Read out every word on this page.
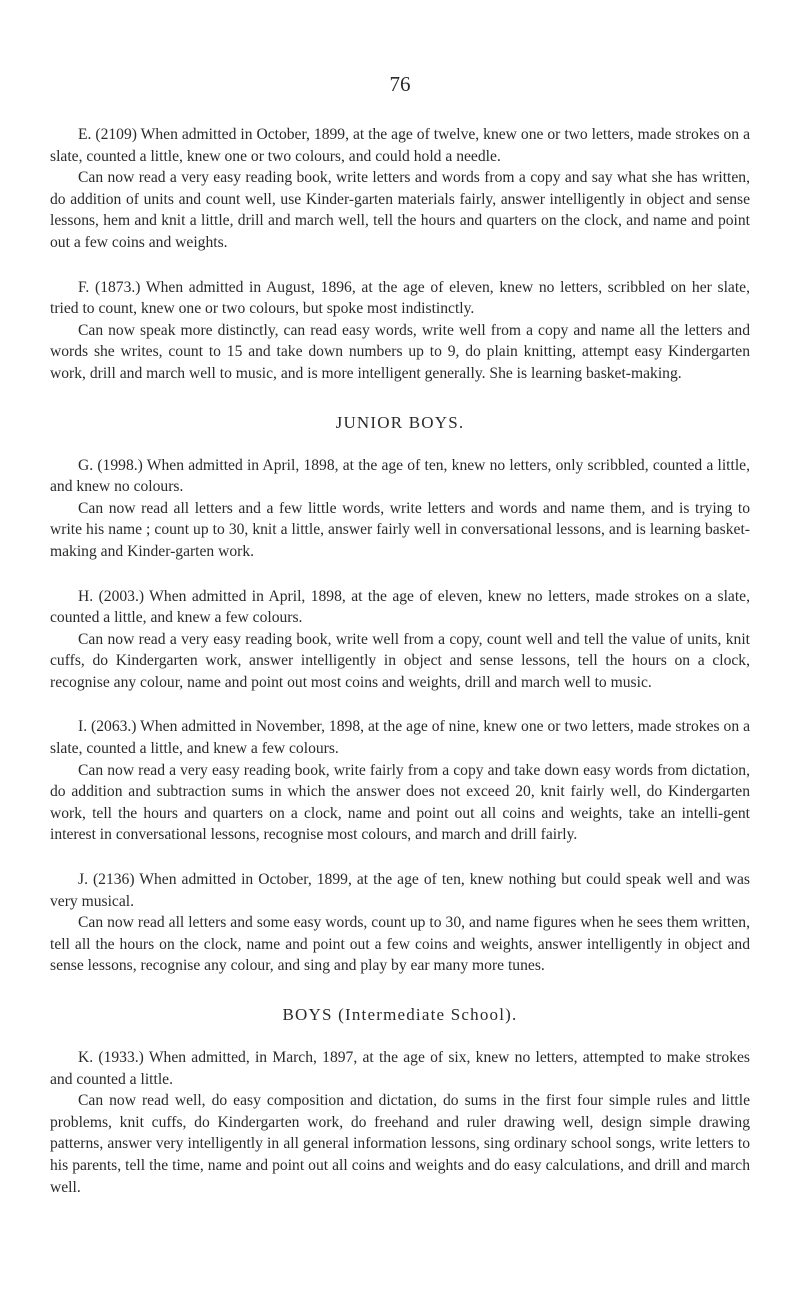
76

E. (2109) When admitted in October, 1899, at the age of twelve, knew one or two letters, made strokes on a slate, counted a little, knew one or two colours, and could hold a needle.

Can now read a very easy reading book, write letters and words from a copy and say what she has written, do addition of units and count well, use Kinder-garten materials fairly, answer intelligently in object and sense lessons, hem and knit a little, drill and march well, tell the hours and quarters on the clock, and name and point out a few coins and weights.

F. (1873.) When admitted in August, 1896, at the age of eleven, knew no letters, scribbled on her slate, tried to count, knew one or two colours, but spoke most indistinctly.

Can now speak more distinctly, can read easy words, write well from a copy and name all the letters and words she writes, count to 15 and take down numbers up to 9, do plain knitting, attempt easy Kindergarten work, drill and march well to music, and is more intelligent generally. She is learning basket-making.

JUNIOR BOYS.

G. (1998.) When admitted in April, 1898, at the age of ten, knew no letters, only scribbled, counted a little, and knew no colours.

Can now read all letters and a few little words, write letters and words and name them, and is trying to write his name ; count up to 30, knit a little, answer fairly well in conversational lessons, and is learning basket-making and Kinder-garten work.

H. (2003.) When admitted in April, 1898, at the age of eleven, knew no letters, made strokes on a slate, counted a little, and knew a few colours.

Can now read a very easy reading book, write well from a copy, count well and tell the value of units, knit cuffs, do Kindergarten work, answer intelligently in object and sense lessons, tell the hours on a clock, recognise any colour, name and point out most coins and weights, drill and march well to music.

I. (2063.) When admitted in November, 1898, at the age of nine, knew one or two letters, made strokes on a slate, counted a little, and knew a few colours.

Can now read a very easy reading book, write fairly from a copy and take down easy words from dictation, do addition and subtraction sums in which the answer does not exceed 20, knit fairly well, do Kindergarten work, tell the hours and quarters on a clock, name and point out all coins and weights, take an intelli-gent interest in conversational lessons, recognise most colours, and march and drill fairly.

J. (2136) When admitted in October, 1899, at the age of ten, knew nothing but could speak well and was very musical.

Can now read all letters and some easy words, count up to 30, and name figures when he sees them written, tell all the hours on the clock, name and point out a few coins and weights, answer intelligently in object and sense lessons, recognise any colour, and sing and play by ear many more tunes.

BOYS (Intermediate School).

K. (1933.) When admitted, in March, 1897, at the age of six, knew no letters, attempted to make strokes and counted a little.

Can now read well, do easy composition and dictation, do sums in the first four simple rules and little problems, knit cuffs, do Kindergarten work, do freehand and ruler drawing well, design simple drawing patterns, answer very intelligently in all general information lessons, sing ordinary school songs, write letters to his parents, tell the time, name and point out all coins and weights and do easy calculations, and drill and march well.
